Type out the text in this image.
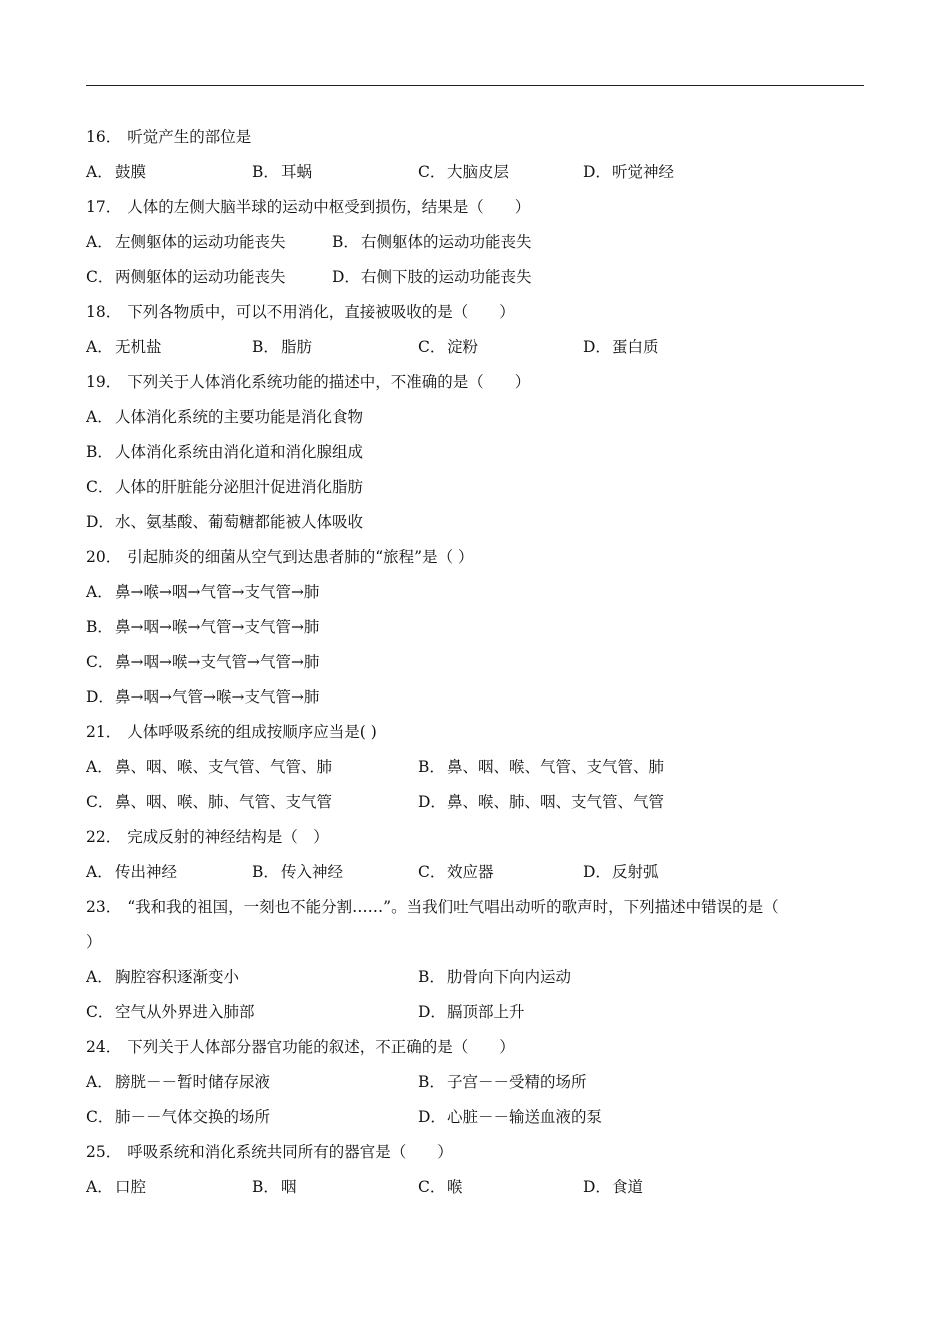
16． 听觉产生的部位是
A． 鼓膜	B． 耳蜗	C． 大脑皮层	D．听觉神经
17． 人体的左侧大脑半球的运动中枢受到损伤，结果是（　　）
A． 左侧躯体的运动功能丧失	B． 右侧躯体的运动功能丧失
C． 两侧躯体的运动功能丧失	D．右侧下肢的运动功能丧失
18． 下列各物质中，可以不用消化，直接被吸收的是（　　）
A． 无机盐	B． 脂肪	C． 淀粉	D．蛋白质
19． 下列关于人体消化系统功能的描述中，不准确的是（　　）
A． 人体消化系统的主要功能是消化食物
B． 人体消化系统由消化道和消化腺组成
C． 人体的肝脏能分泌胆汁促进消化脂肪
D．水、氨基酸、葡萄糖都能被人体吸收
20． 引起肺炎的细菌从空气到达患者肺的“旅程”是（ ）
A． 鼻→喉→咽→气管→支气管→肺
B． 鼻→咽→喉→气管→支气管→肺
C． 鼻→咽→喉→支气管→气管→肺
D．鼻→咽→气管→喉→支气管→肺
21． 人体呼吸系统的组成按顺序应当是( )
A． 鼻、咽、喉、支气管、气管、肺	B． 鼻、咽、喉、气管、支气管、肺
C． 鼻、咽、喉、肺、气管、支气管	D．鼻、喉、肺、咽、支气管、气管
22． 完成反射的神经结构是（　）
A． 传出神经	B． 传入神经	C． 效应器	D．反射弧
23． “我和我的祖国，一刻也不能分割……”。当我们吐气唱出动听的歌声时，下列描述中错误的是（
）
A． 胸腔容积逐渐变小	B． 肋骨向下向内运动
C． 空气从外界进入肺部	D．膈顶部上升
24． 下列关于人体部分器官功能的叙述，不正确的是（　　）
A． 膀胱－－暂时储存尿液	B． 子宫－－受精的场所
C． 肺－－气体交换的场所	D．心脏－－输送血液的泵
25． 呼吸系统和消化系统共同所有的器官是（　　）
A． 口腔	B． 咽	C． 喉	D．食道
